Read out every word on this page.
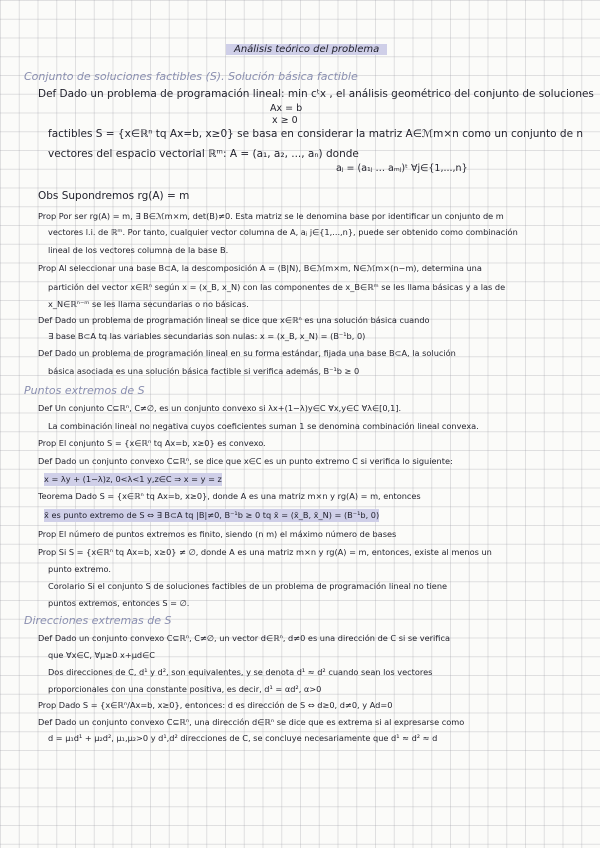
Análisis teórico del problema
Conjunto de soluciones factibles (S). Solución básica factible
Def Dado un problema de programación lineal: min cᵗx , el análisis geométrico del conjunto de soluciones
Ax = b
x ≥ 0
factibles S = {x∈ℝⁿ tq Ax=b, x≥0} se basa en considerar la matriz A∈ℳm×n como un conjunto de n
vectores del espacio vectorial ℝᵐ: A = (a₁, a₂, ..., aₙ) donde
aⱼ = (a₁ⱼ … aₘⱼ)ᵗ ∀j∈{1,...,n}
Obs Supondremos rg(A) = m
Prop Por ser rg(A) = m, ∃ B∈ℳm×m, det(B)≠0. Esta matriz se le denomina base por identificar un conjunto de m
vectores l.i. de ℝᵐ. Por tanto, cualquier vector columna de A, aⱼ j∈{1,...,n}, puede ser obtenido como combinación
lineal de los vectores columna de la base B.
Prop Al seleccionar una base B⊂A, la descomposición A = (B|N), B∈ℳm×m, N∈ℳm×(n−m), determina una
partición del vector x∈ℝⁿ según x = (x_B, x_N) con las componentes de x_B∈ℝᵐ se les llama básicas y a las de
x_N∈ℝⁿ⁻ᵐ se les llama secundarias o no básicas.
Def Dado un problema de programación lineal se dice que x∈ℝⁿ es una solución básica cuando
∃ base B⊂A tq las variables secundarias son nulas: x = (x_B, x_N) = (B⁻¹b, 0)
Def Dado un problema de programación lineal en su forma estándar, fijada una base B⊂A, la solución
básica asociada es una solución básica factible si verifica además, B⁻¹b ≥ 0
Puntos extremos de S
Def Un conjunto C⊆ℝⁿ, C≠∅, es un conjunto convexo si λx+(1−λ)y∈C ∀x,y∈C ∀λ∈[0,1].
La combinación lineal no negativa cuyos coeficientes suman 1 se denomina combinación lineal convexa.
Prop El conjunto S = {x∈ℝⁿ tq Ax=b, x≥0} es convexo.
Def Dado un conjunto convexo C⊆ℝⁿ, se dice que x∈C es un punto extremo C si verifica lo siguiente:
x = λy + (1−λ)z, 0<λ<1 y,z∈C ⇒ x = y = z
Teorema Dado S = {x∈ℝⁿ tq Ax=b, x≥0}, donde A es una matriz m×n y rg(A) = m, entonces
x̄ es punto extremo de S ⇔ ∃ B⊂A tq |B|≠0, B⁻¹b ≥ 0 tq x̄ = (x̄_B, x̄_N) = (B⁻¹b, 0)
Prop El número de puntos extremos es finito, siendo (n m) el máximo número de bases
Prop Si S = {x∈ℝⁿ tq Ax=b, x≥0} ≠ ∅, donde A es una matriz m×n y rg(A) = m, entonces, existe al menos un
punto extremo.
Corolario Si el conjunto S de soluciones factibles de un problema de programación lineal no tiene
puntos extremos, entonces S = ∅.
Direcciones extremas de S
Def Dado un conjunto convexo C⊆ℝⁿ, C≠∅, un vector d∈ℝⁿ, d≠0 es una dirección de C si se verifica
que ∀x∈C, ∀μ≥0 x+μd∈C
Dos direcciones de C, d¹ y d², son equivalentes, y se denota d¹ ≈ d² cuando sean los vectores
proporcionales con una constante positiva, es decir, d¹ = αd², α>0
Prop Dado S = {x∈ℝⁿ/Ax=b, x≥0}, entonces: d es dirección de S ⇔ d≥0, d≠0, y Ad=0
Def Dado un conjunto convexo C⊆ℝⁿ, una dirección d∈ℝⁿ se dice que es extrema si al expresarse como
d = μ₁d¹ + μ₂d², μ₁,μ₂>0 y d¹,d² direcciones de C, se concluye necesariamente que d¹ ≈ d² ≈ d
